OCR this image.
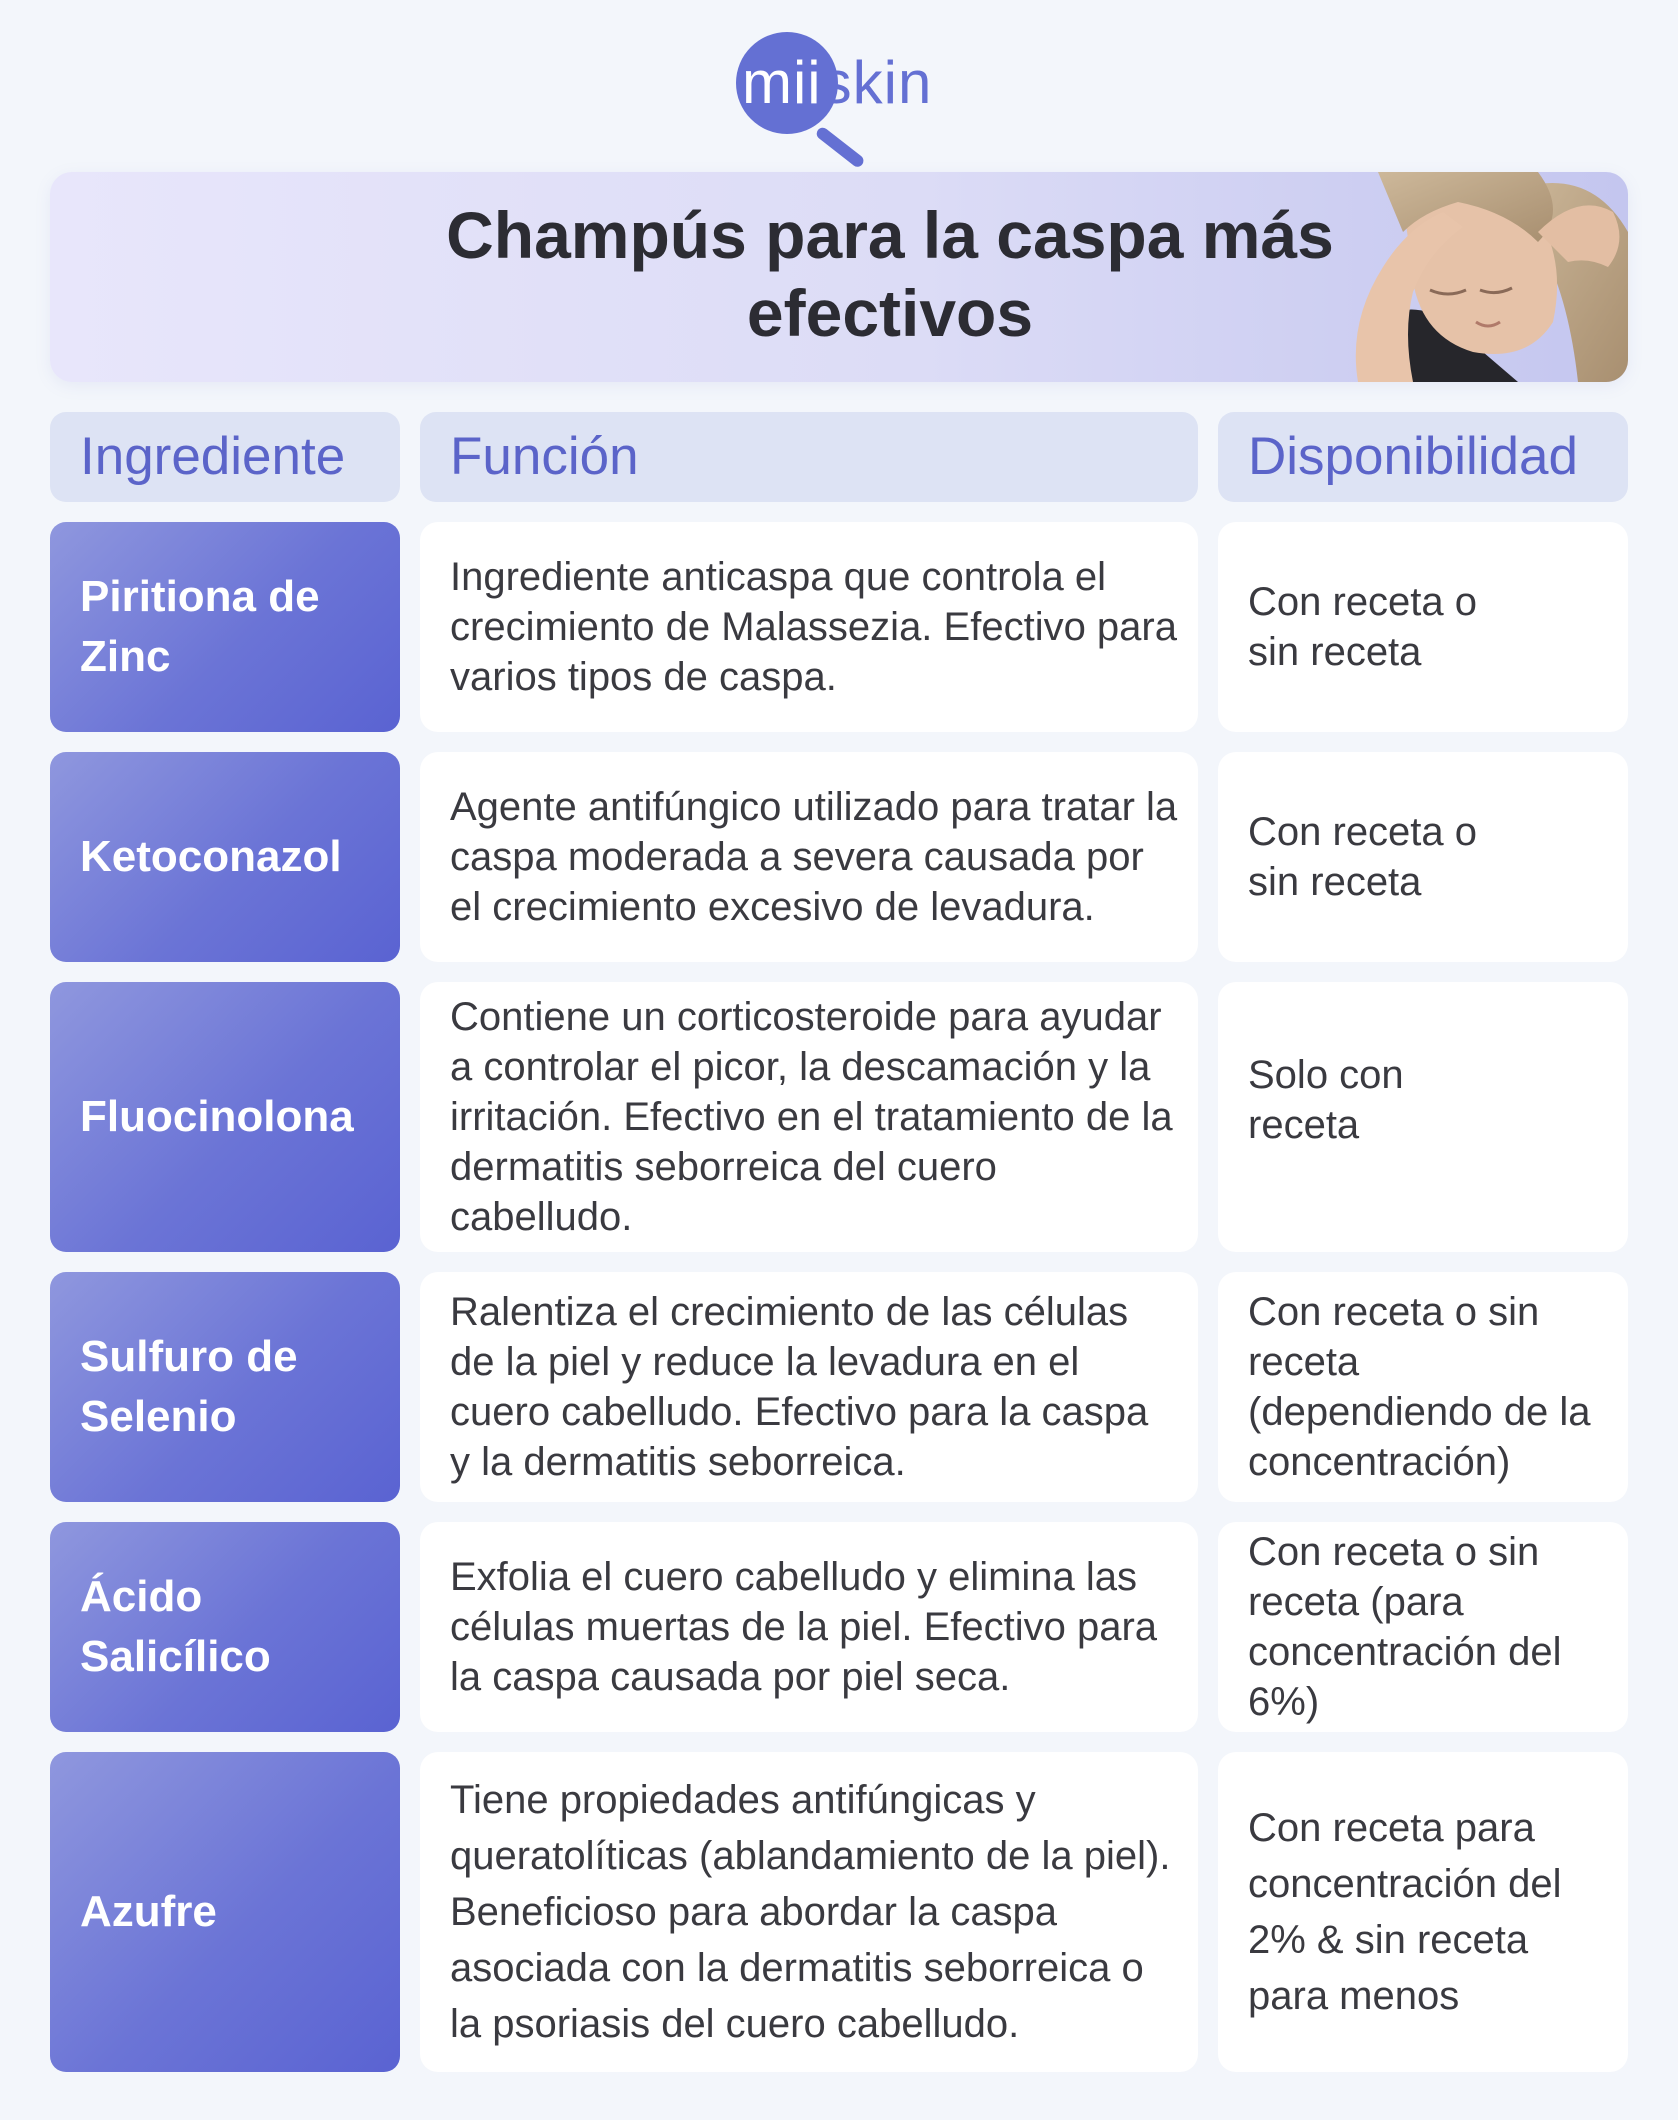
miiskin
Champús para la caspa más efectivos
Ingrediente	Función	Disponibilidad
Piritiona de Zinc
Ingrediente anticaspa que controla el crecimiento de Malassezia. Efectivo para varios tipos de caspa.
Con receta o sin receta
Ketoconazol
Agente antifúngico utilizado para tratar la caspa moderada a severa causada por el crecimiento excesivo de levadura.
Con receta o sin receta
Fluocinolona
Contiene un corticosteroide para ayudar a controlar el picor, la descamación y la irritación. Efectivo en el tratamiento de la dermatitis seborreica del cuero cabelludo.
Solo con receta
Sulfuro de Selenio
Ralentiza el crecimiento de las células de la piel y reduce la levadura en el cuero cabelludo. Efectivo para la caspa y la dermatitis seborreica.
Con receta o sin receta (dependiendo de la concentración)
Ácido Salicílico
Exfolia el cuero cabelludo y elimina las células muertas de la piel. Efectivo para la caspa causada por piel seca.
Con receta o sin receta (para concentración del 6%)
Azufre
Tiene propiedades antifúngicas y queratolíticas (ablandamiento de la piel). Beneficioso para abordar la caspa asociada con la dermatitis seborreica o la psoriasis del cuero cabelludo.
Con receta para concentración del 2% & sin receta para menos
